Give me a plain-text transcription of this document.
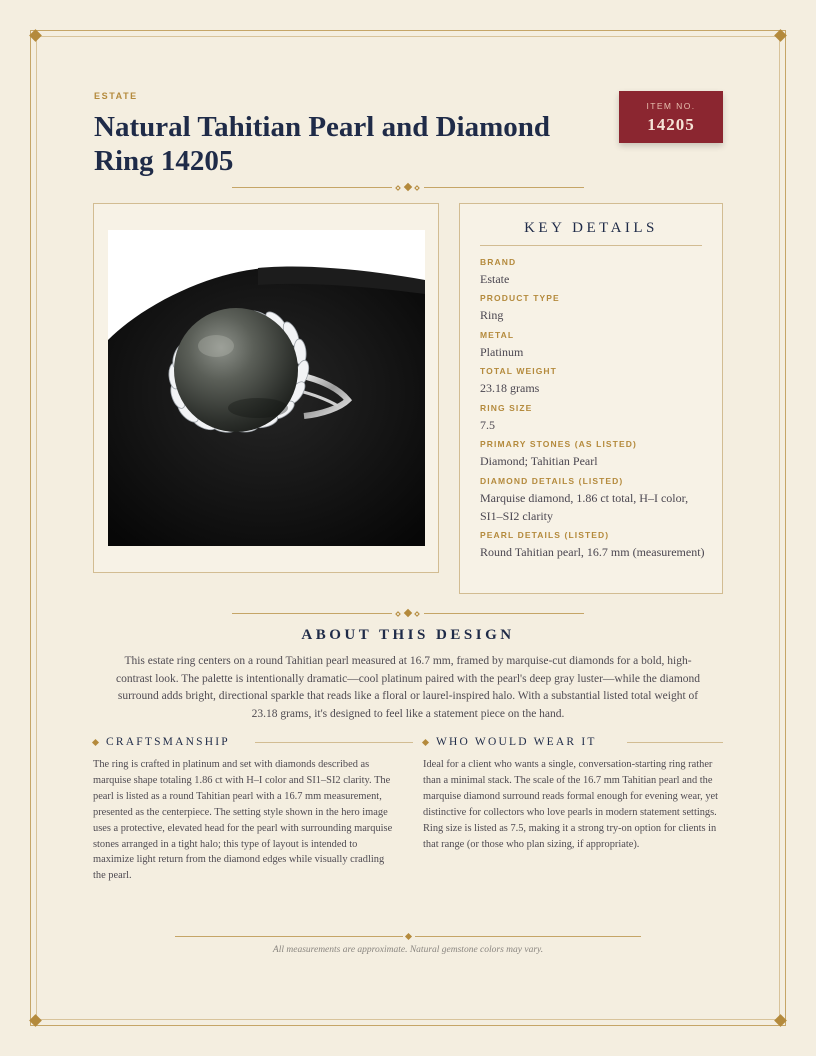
ESTATE
Natural Tahitian Pearl and Diamond Ring 14205
ITEM NO.
14205
KEY DETAILS
BRAND
Estate
PRODUCT TYPE
Ring
METAL
Platinum
TOTAL WEIGHT
23.18 grams
RING SIZE
7.5
PRIMARY STONES (AS LISTED)
Diamond; Tahitian Pearl
DIAMOND DETAILS (LISTED)
Marquise diamond, 1.86 ct total, H–I color, SI1–SI2 clarity
PEARL DETAILS (LISTED)
Round Tahitian pearl, 16.7 mm (measurement)
ABOUT THIS DESIGN

This estate ring centers on a round Tahitian pearl measured at 16.7 mm, framed by marquise-cut diamonds for a bold, high-contrast look. The palette is intentionally dramatic—cool platinum paired with the pearl's deep gray luster—while the diamond surround adds bright, directional sparkle that reads like a floral or laurel-inspired halo. With a substantial listed total weight of 23.18 grams, it's designed to feel like a statement piece on the hand.

CRAFTSMANSHIP

The ring is crafted in platinum and set with diamonds described as marquise shape totaling 1.86 ct with H–I color and SI1–SI2 clarity. The pearl is listed as a round Tahitian pearl with a 16.7 mm measurement, presented as the centerpiece. The setting style shown in the hero image uses a protective, elevated head for the pearl with surrounding marquise stones arranged in a tight halo; this type of layout is intended to maximize light return from the diamond edges while visually cradling the pearl.

WHO WOULD WEAR IT

Ideal for a client who wants a single, conversation-starting ring rather than a minimal stack. The scale of the 16.7 mm Tahitian pearl and the marquise diamond surround reads formal enough for evening wear, yet distinctive for collectors who love pearls in modern statement settings. Ring size is listed as 7.5, making it a strong try-on option for clients in that range (or those who plan sizing, if appropriate).

All measurements are approximate. Natural gemstone colors may vary.
